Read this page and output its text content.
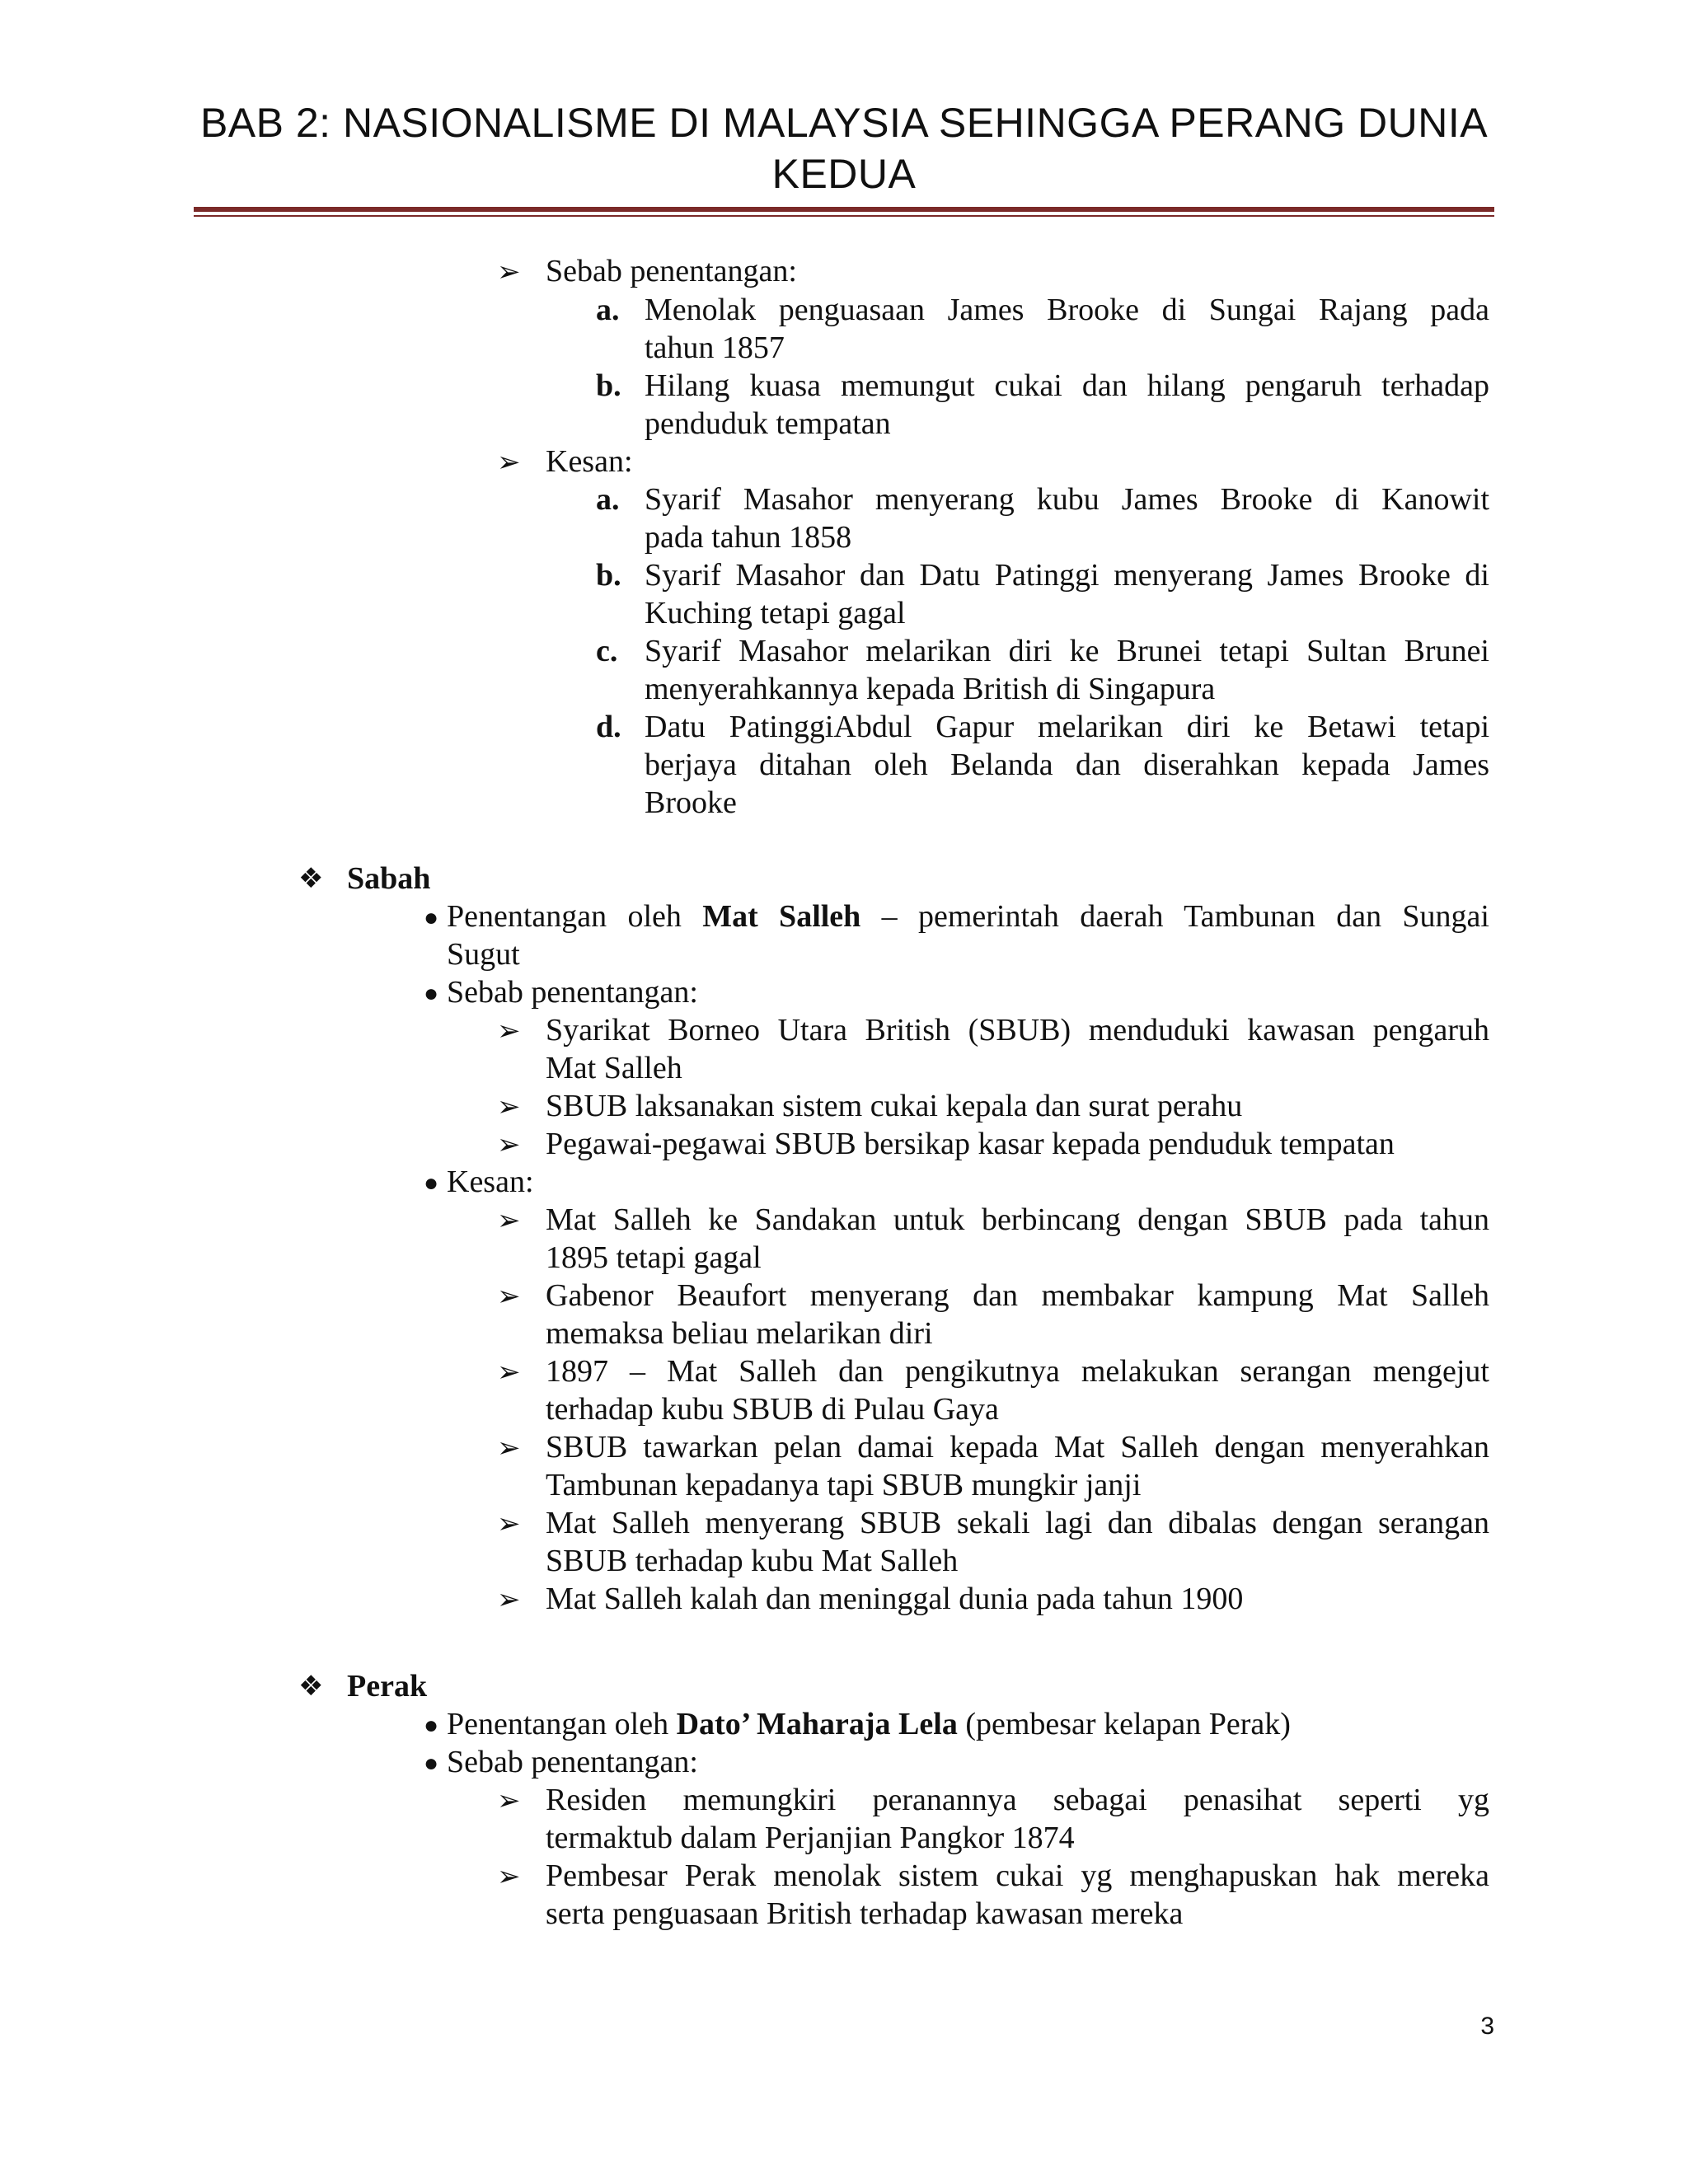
BAB 2: NASIONALISME DI MALAYSIA SEHINGGA PERANG DUNIA
KEDUA
➢ Sebab penentangan:
a. Menolak penguasaan James Brooke di Sungai Rajang pada
tahun 1857
b. Hilang kuasa memungut cukai dan hilang pengaruh terhadap
penduduk tempatan
➢ Kesan:
a. Syarif Masahor menyerang kubu James Brooke di Kanowit
pada tahun 1858
b. Syarif Masahor dan Datu Patinggi menyerang James Brooke di
Kuching tetapi gagal
c. Syarif Masahor melarikan diri ke Brunei tetapi Sultan Brunei
menyerahkannya kepada British di Singapura
d. Datu PatinggiAbdul Gapur melarikan diri ke Betawi tetapi
berjaya ditahan oleh Belanda dan diserahkan kepada James
Brooke
❖ Sabah
● Penentangan oleh Mat Salleh – pemerintah daerah Tambunan dan Sungai
Sugut
● Sebab penentangan:
➢ Syarikat Borneo Utara British (SBUB) menduduki kawasan pengaruh
Mat Salleh
➢ SBUB laksanakan sistem cukai kepala dan surat perahu
➢ Pegawai-pegawai SBUB bersikap kasar kepada penduduk tempatan
● Kesan:
➢ Mat Salleh ke Sandakan untuk berbincang dengan SBUB pada tahun
1895 tetapi gagal
➢ Gabenor Beaufort menyerang dan membakar kampung Mat Salleh
memaksa beliau melarikan diri
➢ 1897 – Mat Salleh dan pengikutnya melakukan serangan mengejut
terhadap kubu SBUB di Pulau Gaya
➢ SBUB tawarkan pelan damai kepada Mat Salleh dengan menyerahkan
Tambunan kepadanya tapi SBUB mungkir janji
➢ Mat Salleh menyerang SBUB sekali lagi dan dibalas dengan serangan
SBUB terhadap kubu Mat Salleh
➢ Mat Salleh kalah dan meninggal dunia pada tahun 1900
❖ Perak
● Penentangan oleh Dato’ Maharaja Lela (pembesar kelapan Perak)
● Sebab penentangan:
➢ Residen memungkiri peranannya sebagai penasihat seperti yg
termaktub dalam Perjanjian Pangkor 1874
➢ Pembesar Perak menolak sistem cukai yg menghapuskan hak mereka
serta penguasaan British terhadap kawasan mereka
3
